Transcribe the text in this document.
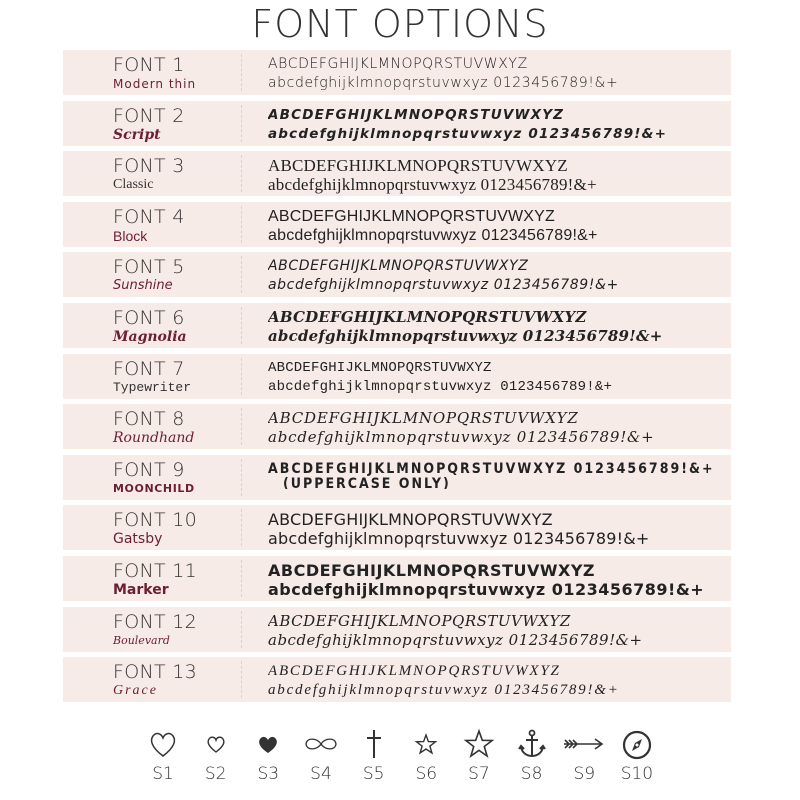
FONT OPTIONS
FONT 1
Modern thin
ABCDEFGHIJKLMNOPQRSTUVWXYZ
abcdefghijklmnopqrstuvwxyz 0123456789!&+
FONT 2
Script
ABCDEFGHIJKLMNOPQRSTUVWXYZ
abcdefghijklmnopqrstuvwxyz 0123456789!&+
FONT 3
Classic
ABCDEFGHIJKLMNOPQRSTUVWXYZ
abcdefghijklmnopqrstuvwxyz 0123456789!&+
FONT 4
Block
ABCDEFGHIJKLMNOPQRSTUVWXYZ
abcdefghijklmnopqrstuvwxyz 0123456789!&+
FONT 5
Sunshine
ABCDEFGHIJKLMNOPQRSTUVWXYZ
abcdefghijklmnopqrstuvwxyz 0123456789!&+
FONT 6
Magnolia
ABCDEFGHIJKLMNOPQRSTUVWXYZ
abcdefghijklmnopqrstuvwxyz 0123456789!&+
FONT 7
Typewriter
ABCDEFGHIJKLMNOPQRSTUVWXYZ
abcdefghijklmnopqrstuvwxyz 0123456789!&+
FONT 8
Roundhand
ABCDEFGHIJKLMNOPQRSTUVWXYZ
abcdefghijklmnopqrstuvwxyz 0123456789!&+
FONT 9
MOONCHILD
ABCDEFGHIJKLMNOPQRSTUVWXYZ 0123456789!&+
(UPPERCASE ONLY)
FONT 10
Gatsby
ABCDEFGHIJKLMNOPQRSTUVWXYZ
abcdefghijklmnopqrstuvwxyz 0123456789!&+
FONT 11
Marker
ABCDEFGHIJKLMNOPQRSTUVWXYZ
abcdefghijklmnopqrstuvwxyz 0123456789!&+
FONT 12
Boulevard
ABCDEFGHIJKLMNOPQRSTUVWXYZ
abcdefghijklmnopqrstuvwxyz 0123456789!&+
FONT 13
Grace
ABCDEFGHIJKLMNOPQRSTUVWXYZ
abcdefghijklmnopqrstuvwxyz 0123456789!&+
S1	S2	S3	S4	S5	S6	S7	S8	S9	S10
